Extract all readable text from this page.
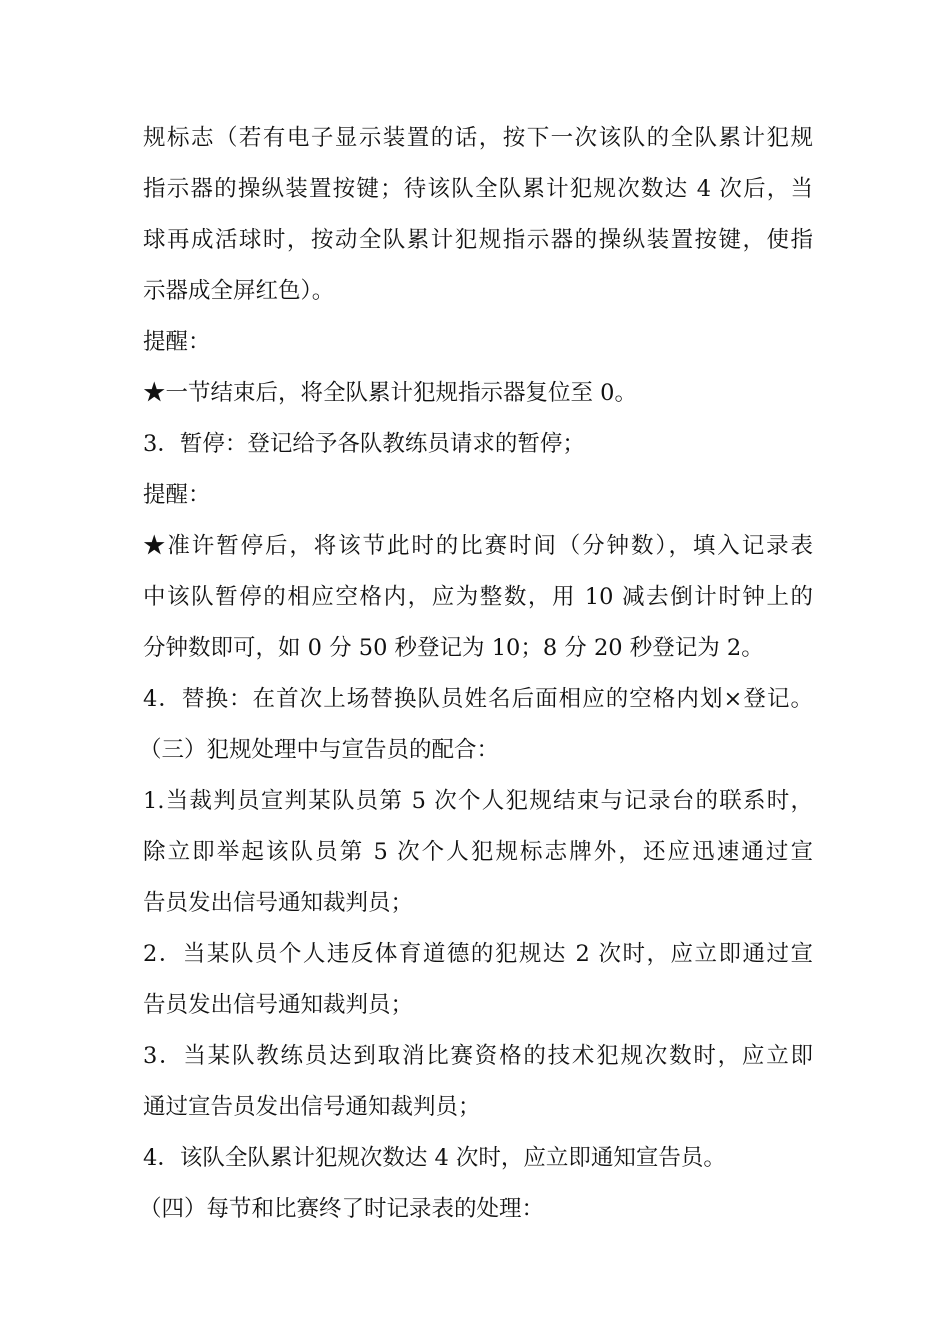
规标志（若有电子显示装置的话，按下一次该队的全队累计犯规

指示器的操纵装置按键；待该队全队累计犯规次数达 4 次后，当

球再成活球时，按动全队累计犯规指示器的操纵装置按键，使指

示器成全屏红色）。

提醒：

★一节结束后，将全队累计犯规指示器复位至 0。

3．暂停：登记给予各队教练员请求的暂停；

提醒：

★准许暂停后，将该节此时的比赛时间（分钟数），填入记录表

中该队暂停的相应空格内，应为整数，用 10 减去倒计时钟上的

分钟数即可，如 0 分 50 秒登记为 10；8 分 20 秒登记为 2。

4．替换：在首次上场替换队员姓名后面相应的空格内划×登记。

（三）犯规处理中与宣告员的配合：

1.当裁判员宣判某队员第 5 次个人犯规结束与记录台的联系时，

除立即举起该队员第 5 次个人犯规标志牌外，还应迅速通过宣

告员发出信号通知裁判员；

2．当某队员个人违反体育道德的犯规达 2 次时，应立即通过宣

告员发出信号通知裁判员；

3．当某队教练员达到取消比赛资格的技术犯规次数时，应立即

通过宣告员发出信号通知裁判员；

4．该队全队累计犯规次数达 4 次时，应立即通知宣告员。

（四）每节和比赛终了时记录表的处理：
